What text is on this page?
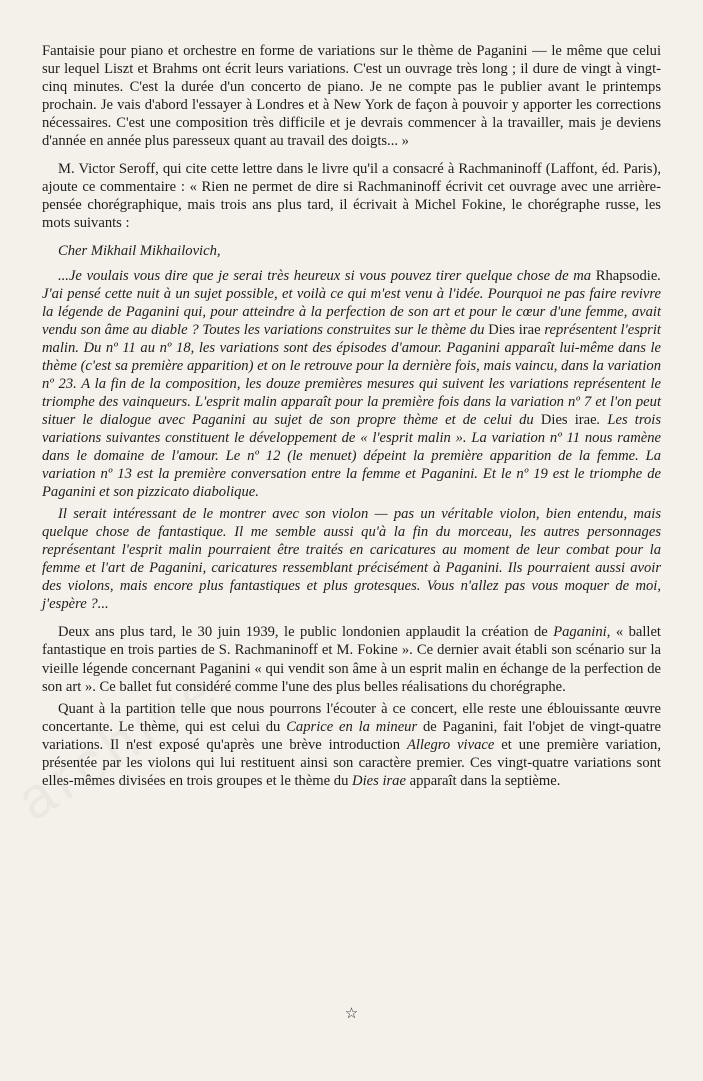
Fantaisie pour piano et orchestre en forme de variations sur le thème de Paganini — le même que celui sur lequel Liszt et Brahms ont écrit leurs variations. C'est un ouvrage très long ; il dure de vingt à vingt-cinq minutes. C'est la durée d'un concerto de piano. Je ne compte pas le publier avant le printemps prochain. Je vais d'abord l'essayer à Londres et à New York de façon à pouvoir y apporter les corrections nécessaires. C'est une composition très difficile et je devrais commencer à la travailler, mais je deviens d'année en année plus paresseux quant au travail des doigts... »

M. Victor Seroff, qui cite cette lettre dans le livre qu'il a consacré à Rachmaninoff (Laffont, éd. Paris), ajoute ce commentaire : « Rien ne permet de dire si Rachmaninoff écrivit cet ouvrage avec une arrière-pensée chorégraphique, mais trois ans plus tard, il écrivait à Michel Fokine, le chorégraphe russe, les mots suivants :

Cher Mikhail Mikhailovich,

...Je voulais vous dire que je serai très heureux si vous pouvez tirer quelque chose de ma Rhapsodie. J'ai pensé cette nuit à un sujet possible, et voilà ce qui m'est venu à l'idée. Pourquoi ne pas faire revivre la légende de Paganini qui, pour atteindre à la perfection de son art et pour le cœur d'une femme, avait vendu son âme au diable ? Toutes les variations construites sur le thème du Dies irae représentent l'esprit malin. Du nº 11 au nº 18, les variations sont des épisodes d'amour. Paganini apparaît lui-même dans le thème (c'est sa première apparition) et on le retrouve pour la dernière fois, mais vaincu, dans la variation nº 23. A la fin de la composition, les douze premières mesures qui suivent les variations représentent le triomphe des vainqueurs. L'esprit malin apparaît pour la première fois dans la variation nº 7 et l'on peut situer le dialogue avec Paganini au sujet de son propre thème et de celui du Dies irae. Les trois variations suivantes constituent le développement de « l'esprit malin ». La variation nº 11 nous ramène dans le domaine de l'amour. Le nº 12 (le menuet) dépeint la première apparition de la femme. La variation nº 13 est la première conversation entre la femme et Paganini. Et le nº 19 est le triomphe de Paganini et son pizzicato diabolique.

Il serait intéressant de le montrer avec son violon — pas un véritable violon, bien entendu, mais quelque chose de fantastique. Il me semble aussi qu'à la fin du morceau, les autres personnages représentant l'esprit malin pourraient être traités en caricatures au moment de leur combat pour la femme et l'art de Paganini, caricatures ressemblant précisément à Paganini. Ils pourraient aussi avoir des violons, mais encore plus fantastiques et plus grotesques. Vous n'allez pas vous moquer de moi, j'espère ?...

Deux ans plus tard, le 30 juin 1939, le public londonien applaudit la création de Paganini, « ballet fantastique en trois parties de S. Rachmaninoff et M. Fokine ». Ce dernier avait établi son scénario sur la vieille légende concernant Paganini « qui vendit son âme à un esprit malin en échange de la perfection de son art ». Ce ballet fut considéré comme l'une des plus belles réalisations du chorégraphe.

Quant à la partition telle que nous pourrons l'écouter à ce concert, elle reste une éblouissante œuvre concertante. Le thème, qui est celui du Caprice en la mineur de Paganini, fait l'objet de vingt-quatre variations. Il n'est exposé qu'après une brève introduction Allegro vivace et une première variation, présentée par les violons qui lui restituent ainsi son caractère premier. Ces vingt-quatre variations sont elles-mêmes divisées en trois groupes et le thème du Dies irae apparaît dans la septième.

☆
